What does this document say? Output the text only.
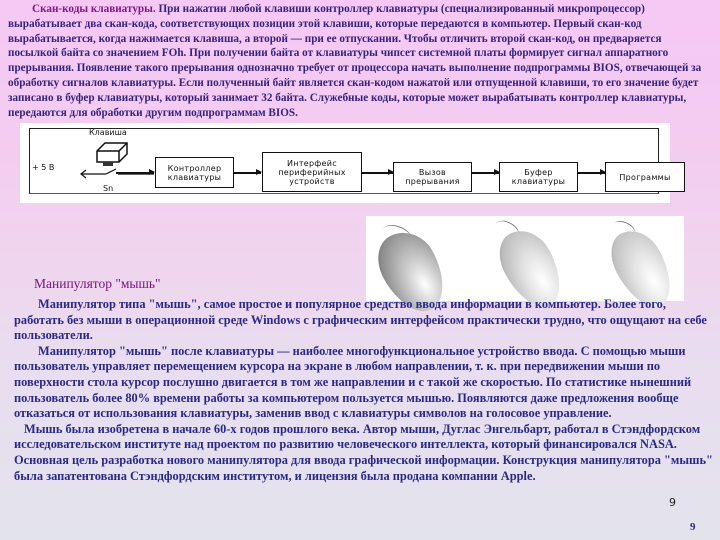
Скан-коды клавиатуры. При нажатии любой клавиши контроллер клавиатуры (специализированный микропроцессор) вырабатывает два скан-кода, соответствующих позиции этой клавиши, которые передаются в компьютер. Первый скан-код вырабатывается, когда нажимается клавиша, а второй — при ее отпускании. Чтобы отличить второй скан-код, он предваряется посылкой байта со значением FOh. При получении байта от клавиатуры чипсет системной платы формирует сигнал аппаратного прерывания. Появление такого прерывания однозначно требует от процессора начать выполнение подпрограммы BIOS, отвечающей за обработку сигналов клавиатуры. Если полученный байт является скан-кодом нажатой или отпущенной клавиши, то его значение будет записано в буфер клавиатуры, который занимает 32 байта. Служебные коды, которые может вырабатывать контроллер клавиатуры, передаются для обработки другим подпрограммам BIOS.
Клавиша
+ 5 В
Sn
Контроллер клавиатуры
Интерфейс периферийных устройств
Вызов прерывания
Буфер клавиатуры	Программы
Манипулятор "мышь"
Манипулятор типа "мышь", самое простое и популярное средство ввода информации в компьютер. Более того, работать без мыши в операционной среде Windows с графическим интерфейсом практически трудно, что ощущают на себе пользователи.
Манипулятор "мышь" после клавиатуры — наиболее многофункциональное устройство ввода. С помощью мыши пользователь управляет перемещением курсора на экране в любом направлении, т. к. при передвижении мыши по поверхности стола курсор послушно двигается в том же направлении и с такой же скоростью. По статистике нынешний пользователь более 80% времени работы за компьютером пользуется мышью. Появляются даже предложения вообще отказаться от использования клавиатуры, заменив ввод с клавиатуры символов на голосовое управление.
Мышь была изобретена в начале 60-х годов прошлого века. Автор мыши, Дуглас Энгельбарт, работал в Стэндфордском исследовательском институте над проектом по развитию человеческого интеллекта, который финансировался NASA. Основная цель разработка нового манипулятора для ввода графической информации. Конструкция манипулятора "мышь" была запатентована Стэндфордским институтом, и лицензия была продана компании Apple.
9
9
